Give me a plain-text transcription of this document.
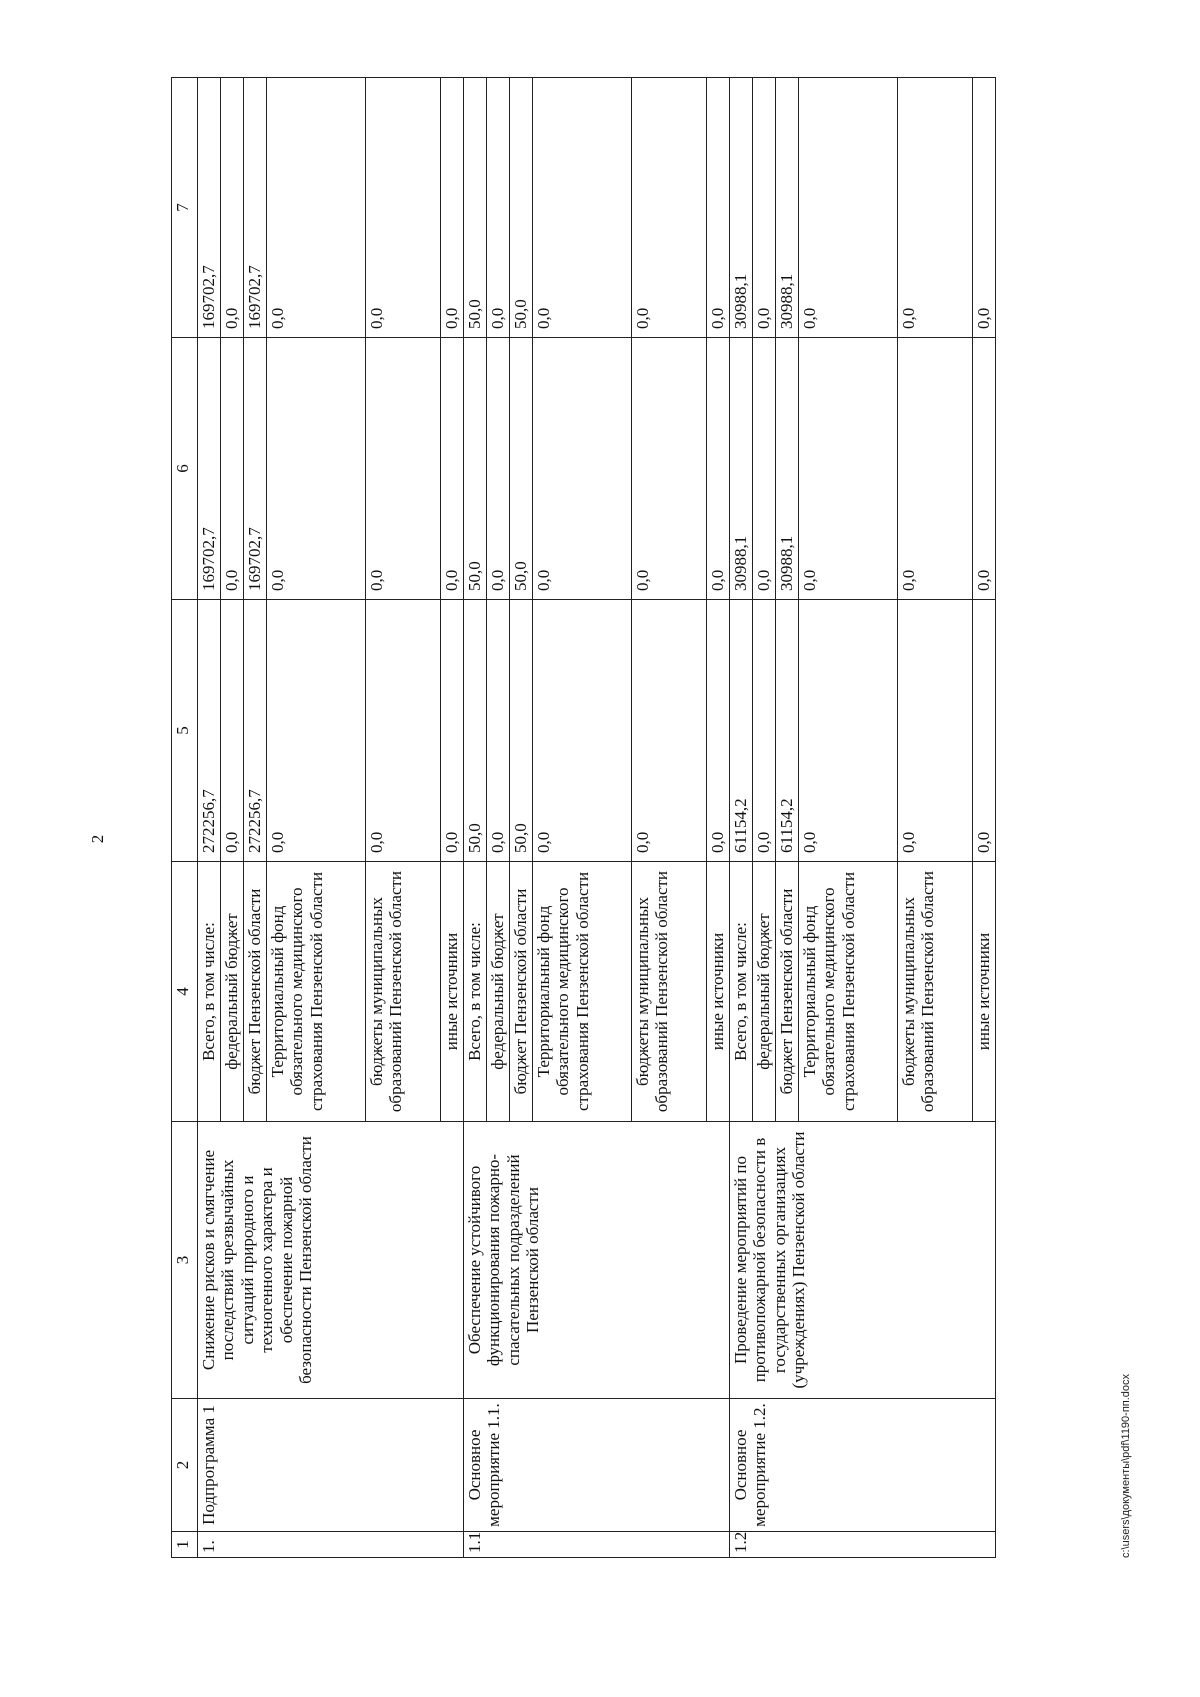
2
1	2	3	4	5	6	7
1.	Подпрограмма 1	Снижение рисков и смягчение последствий чрезвычайных ситуаций природного и техногенного характера и обеспечение пожарной безопасности Пензенской области	Всего, в том числе:	272256,7	169702,7	169702,7
			федеральный бюджет	0,0	0,0	0,0
			бюджет Пензенской области	272256,7	169702,7	169702,7
			Территориальный фонд обязательного медицинского страхования Пензенской области	0,0	0,0	0,0
			бюджеты муниципальных образований Пензенской области	0,0	0,0	0,0
			иные источники	0,0	0,0	0,0
1.1	Основное мероприятие 1.1.	Обеспечение устойчивого функционирования пожарно-спасательных подразделений Пензенской области	Всего, в том числе:	50,0	50,0	50,0
			федеральный бюджет	0,0	0,0	0,0
			бюджет Пензенской области	50,0	50,0	50,0
			Территориальный фонд обязательного медицинского страхования Пензенской области	0,0	0,0	0,0
			бюджеты муниципальных образований Пензенской области	0,0	0,0	0,0
			иные источники	0,0	0,0	0,0
1.2	Основное мероприятие 1.2.	Проведение мероприятий по противопожарной безопасности в государственных организациях (учреждениях) Пензенской области	Всего, в том числе:	61154,2	30988,1	30988,1
			федеральный бюджет	0,0	0,0	0,0
			бюджет Пензенской области	61154,2	30988,1	30988,1
			Территориальный фонд обязательного медицинского страхования Пензенской области	0,0	0,0	0,0
			бюджеты муниципальных образований Пензенской области	0,0	0,0	0,0
			иные источники	0,0	0,0	0,0
c:\users\документы\pdf\1190-пп.docx
